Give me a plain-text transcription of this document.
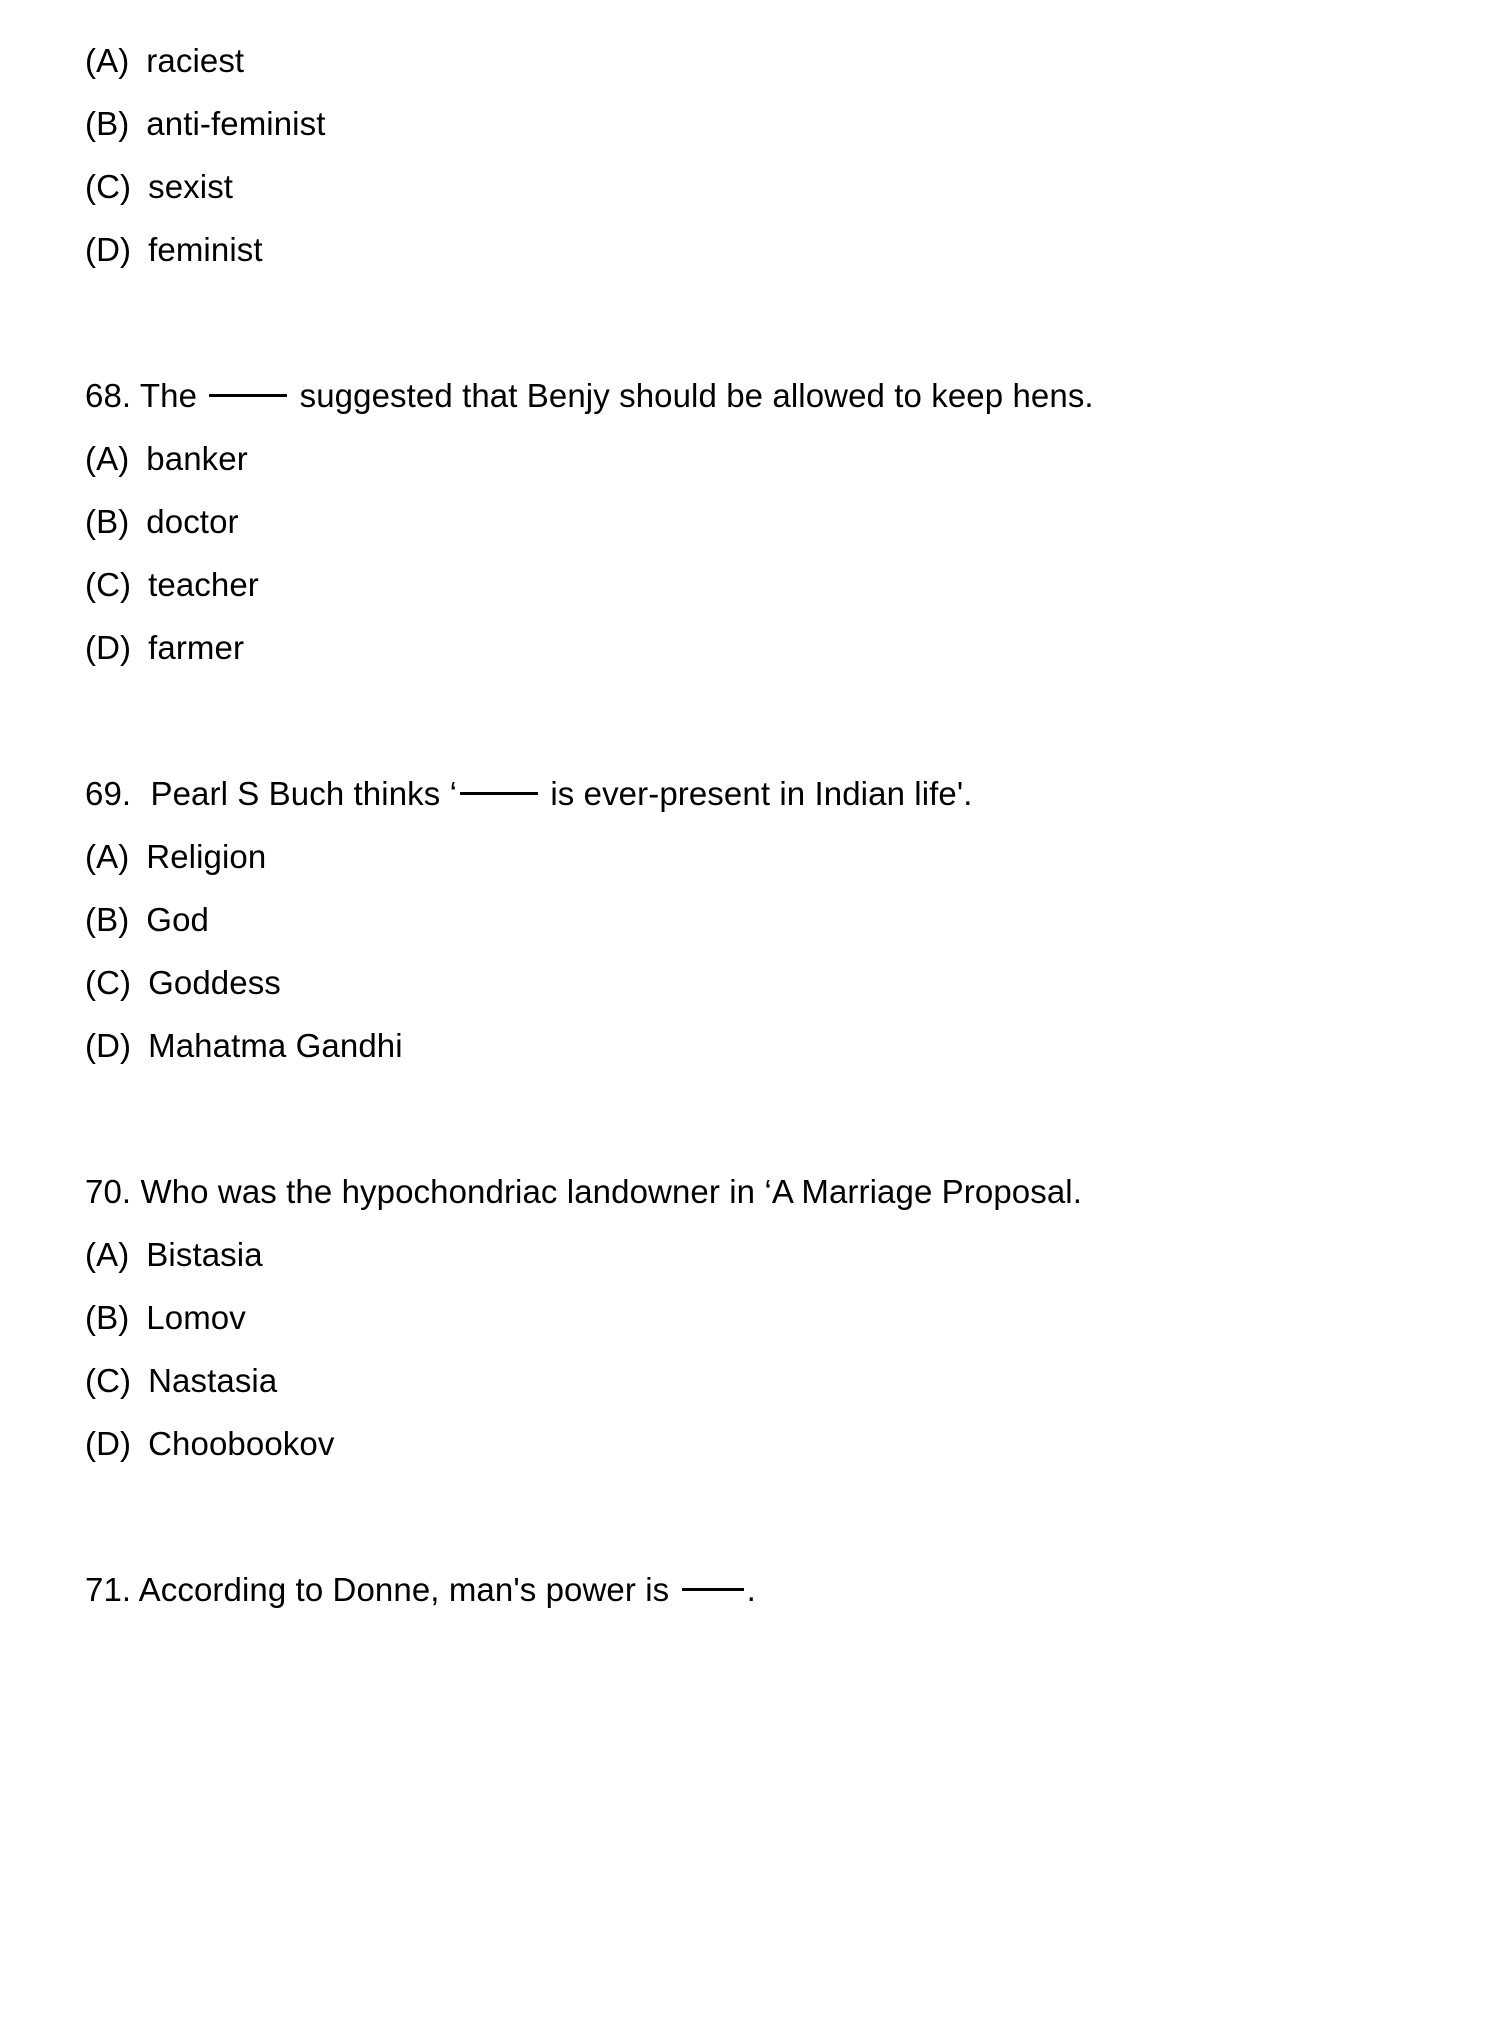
(A) raciest
(B) anti-feminist
(C) sexist
(D) feminist
68. The	suggested that Benjy should be allowed to keep hens.
(A) banker
(B) doctor
(C) teacher
(D) farmer
69. Pearl S Buch thinks ‘	is ever-present in Indian life'.
(A) Religion
(B) God
(C) Goddess
(D) Mahatma Gandhi
70. Who was the hypochondriac landowner in ‘A Marriage Proposal.
(A) Bistasia
(B) Lomov
(C) Nastasia
(D) Choobookov
71. According to Donne, man's power is .
